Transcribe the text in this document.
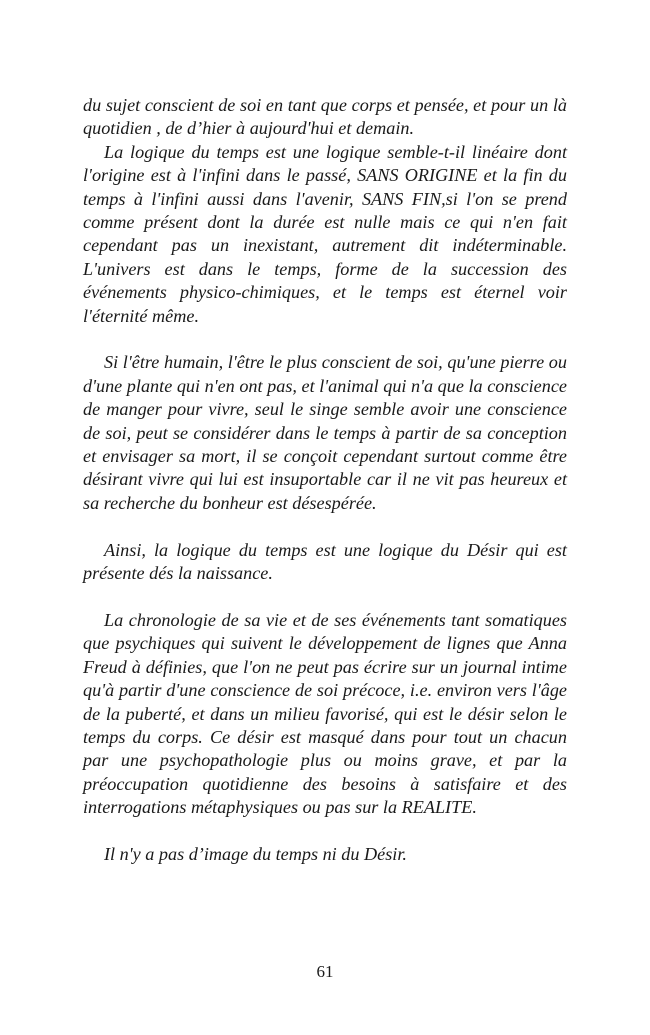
du sujet conscient de soi en tant que corps et pensée, et pour un là quotidien , de d’hier à aujourd'hui et demain.

La logique du temps est une logique semble-t-il linéaire dont l'origine est à l'infini dans le passé, SANS ORIGINE et la fin du temps à l'infini aussi dans l'avenir, SANS FIN,si l'on se prend comme présent dont la durée est nulle mais ce qui n'en fait cependant pas un inexistant, autrement dit indéterminable. L'univers est dans le temps, forme de la succession des événements physico-chimiques, et le temps est éternel voir l'éternité même.

Si l'être humain, l'être le plus conscient de soi, qu'une pierre ou d'une plante qui n'en ont pas, et l'animal qui n'a que la conscience de manger pour vivre, seul le singe semble avoir une conscience de soi, peut se considérer dans le temps à partir de sa conception et envisager sa mort, il se conçoit cependant surtout comme être désirant vivre qui lui est insuportable car il ne vit pas heureux et sa recherche du bonheur est désespérée.

Ainsi, la logique du temps est une logique du Désir qui est présente dés la naissance.

La chronologie de sa vie et de ses événements tant somatiques que psychiques qui suivent le développement de lignes que Anna Freud à définies, que l'on ne peut pas écrire sur un journal intime qu'à partir d'une conscience de soi précoce, i.e. environ vers l'âge de la puberté, et dans un milieu favorisé, qui est le désir selon le temps du corps. Ce désir est masqué dans pour tout un chacun par une psychopathologie plus ou moins grave, et par la préoccupation quotidienne des besoins à satisfaire et des interrogations métaphysiques ou pas sur la REALITE.

Il n'y a pas d’image du temps ni du Désir.

61
